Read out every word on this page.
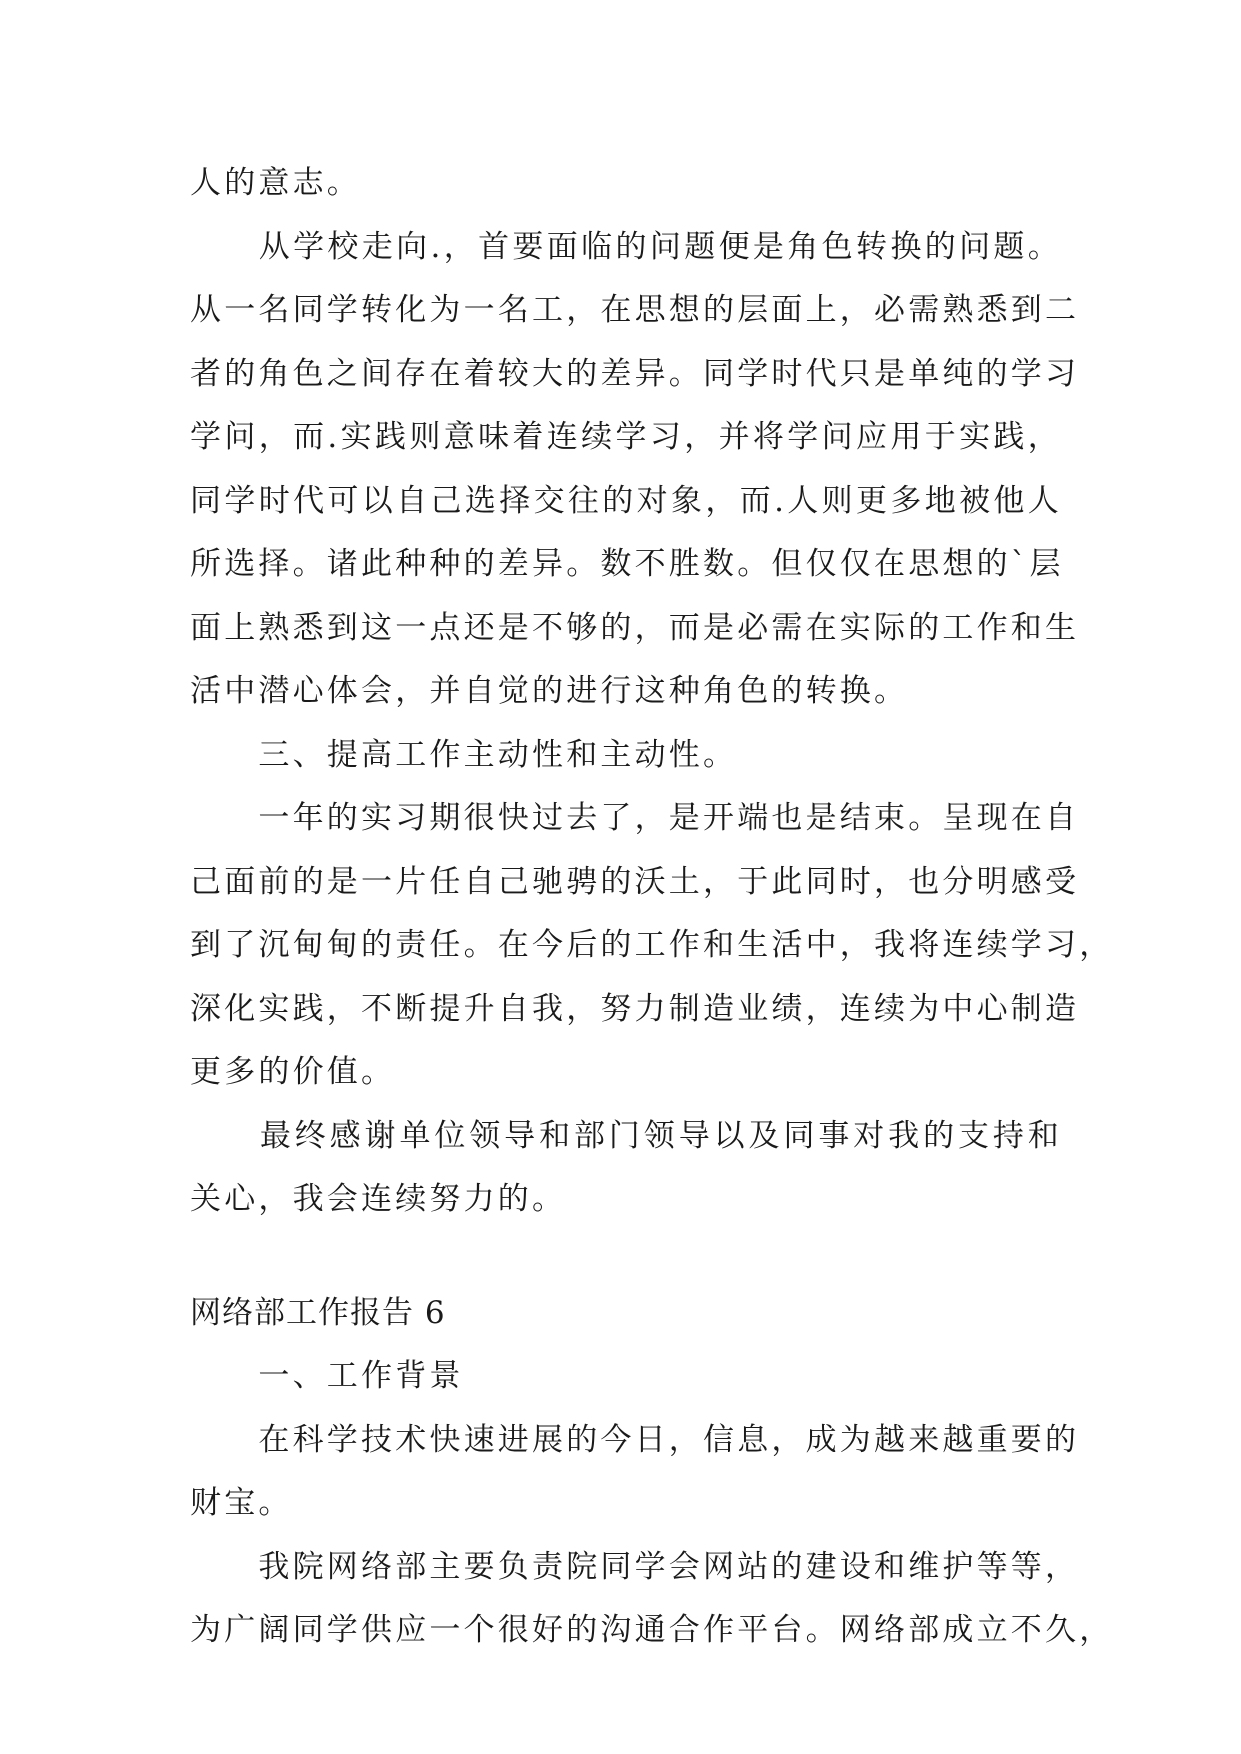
人的意志。
　　从学校走向.，首要面临的问题便是角色转换的问题。
从一名同学转化为一名工，在思想的层面上，必需熟悉到二
者的角色之间存在着较大的差异。同学时代只是单纯的学习
学问，而.实践则意味着连续学习，并将学问应用于实践，
同学时代可以自己选择交往的对象，而.人则更多地被他人
所选择。诸此种种的差异。数不胜数。但仅仅在思想的`层
面上熟悉到这一点还是不够的，而是必需在实际的工作和生
活中潜心体会，并自觉的进行这种角色的转换。
　　三、提高工作主动性和主动性。
　　一年的实习期很快过去了，是开端也是结束。呈现在自
己面前的是一片任自己驰骋的沃土，于此同时，也分明感受
到了沉甸甸的责任。在今后的工作和生活中，我将连续学习，
深化实践，不断提升自我，努力制造业绩，连续为中心制造
更多的价值。
　　最终感谢单位领导和部门领导以及同事对我的支持和
关心，我会连续努力的。
网络部工作报告 6
　　一、工作背景
　　在科学技术快速进展的今日，信息，成为越来越重要的
财宝。
　　我院网络部主要负责院同学会网站的建设和维护等等，
为广阔同学供应一个很好的沟通合作平台。网络部成立不久，
